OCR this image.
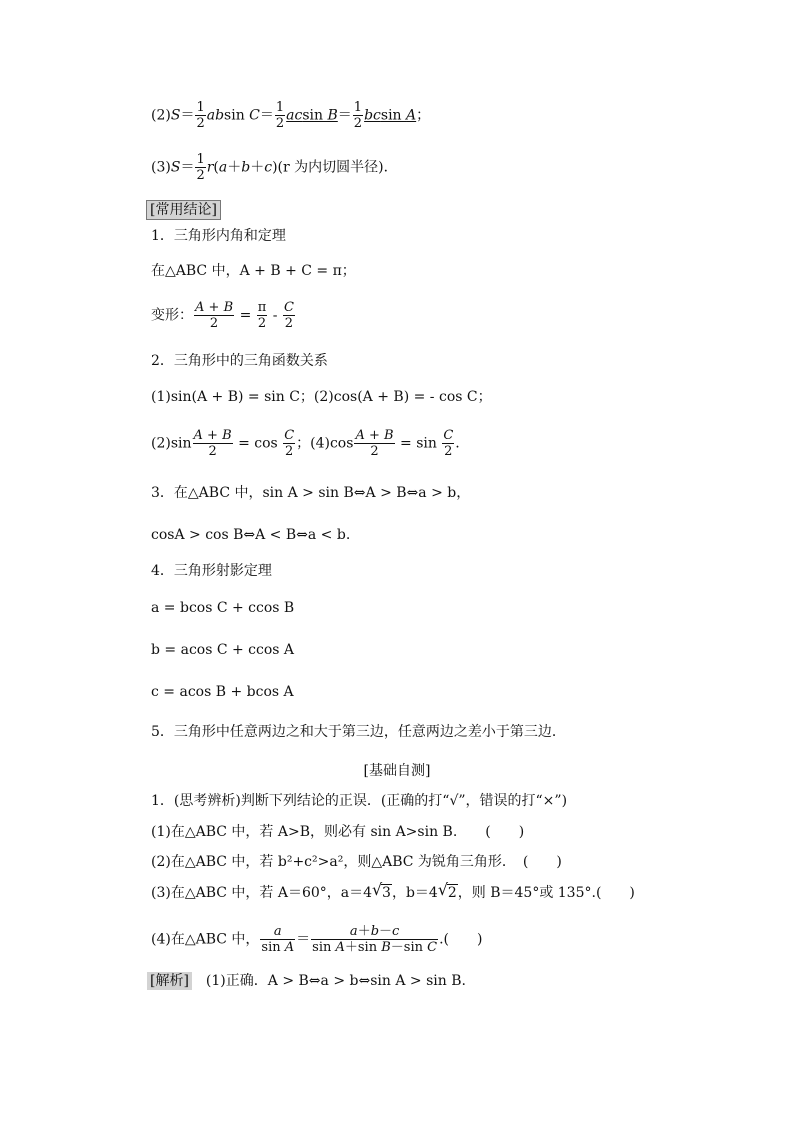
$(2)S= \frac{1}{2}$ absin $C= \frac{1}{2}$ acsin $B= \frac{1}{2}$ bcsin A；
$(3)S= \frac{1}{2} r(a+b+c)(r$ 为内切圆半径)．
[常用结论]
1．三角形内角和定理
在△ABC 中，A + B + C = π；
变形： $\frac{A + B}{2} = \frac{\pi}{2} - \frac{C}{2}$
2．三角形中的三角函数关系
(1)sin(A + B) = sin C；(2)cos(A + B) = - cos C；
$(2)\sin \frac{A + B}{2} = \cos \frac{C}{2}$ ；$(4)\cos \frac{A + B}{2} = \sin \frac{C}{2}$ .
3．在△ABC 中，sin A > sin B⇔A > B⇔a > b，
cosA > cos B⇔A < B⇔a < b.
4．三角形射影定理
a = bcos C + ccos B
b = acos C + ccos A
c = acos B + bcos A
5．三角形中任意两边之和大于第三边，任意两边之差小于第三边．
[基础自测]
1．(思考辨析)判断下列结论的正误．(正确的打“√”，错误的打“×”)
(1)在△ABC 中，若 A>B，则必有 sin A>sin B.　　(　　)
(2)在△ABC 中，若 b²+c²>a²，则△ABC 为锐角三角形．　(　　)
(3)在△ABC 中，若 A＝60°，a＝4 √ 3，b＝4 √ 2，则 B＝45°或 135°.(　　)
(4)在△ABC 中， $\frac{a}{\text{sin A}} = \frac{a+b-c}{\text{sin A＋sin B－sin C}}$ .(　　)
[解析]　(1)正确．A > B⇔a > b⇔sin A > sin B.
